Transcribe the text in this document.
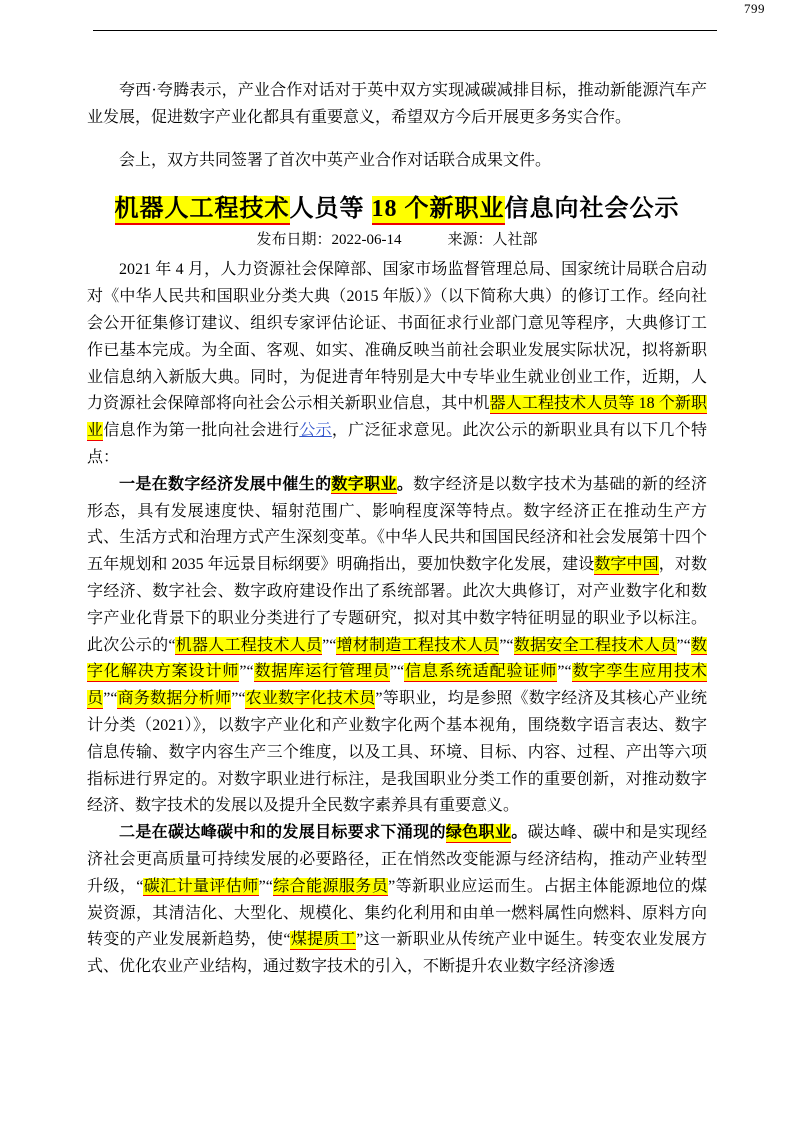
799

夸西·夸腾表示，产业合作对话对于英中双方实现减碳减排目标，推动新能源汽车产业发展，促进数字产业化都具有重要意义，希望双方今后开展更多务实合作。

会上，双方共同签署了首次中英产业合作对话联合成果文件。

机器人工程技术人员等 18 个新职业信息向社会公示
发布日期：2022-06-14	来源：人社部

2021 年 4 月，人力资源社会保障部、国家市场监督管理总局、国家统计局联合启动对《中华人民共和国职业分类大典（2015 年版）》（以下简称大典）的修订工作。经向社会公开征集修订建议、组织专家评估论证、书面征求行业部门意见等程序，大典修订工作已基本完成。为全面、客观、如实、准确反映当前社会职业发展实际状况，拟将新职业信息纳入新版大典。同时，为促进青年特别是大中专毕业生就业创业工作，近期，人力资源社会保障部将向社会公示相关新职业信息，其中机器人工程技术人员等 18 个新职业信息作为第一批向社会进行公示，广泛征求意见。此次公示的新职业具有以下几个特点：

一是在数字经济发展中催生的数字职业。数字经济是以数字技术为基础的新的经济形态，具有发展速度快、辐射范围广、影响程度深等特点。数字经济正在推动生产方式、生活方式和治理方式产生深刻变革。《中华人民共和国国民经济和社会发展第十四个五年规划和 2035 年远景目标纲要》明确指出，要加快数字化发展，建设数字中国，对数字经济、数字社会、数字政府建设作出了系统部署。此次大典修订，对产业数字化和数字产业化背景下的职业分类进行了专题研究，拟对其中数字特征明显的职业予以标注。此次公示的“机器人工程技术人员”“增材制造工程技术人员”“数据安全工程技术人员”“数字化解决方案设计师”“数据库运行管理员”“信息系统适配验证师”“数字孪生应用技术员”“商务数据分析师”“农业数字化技术员”等职业，均是参照《数字经济及其核心产业统计分类（2021）》，以数字产业化和产业数字化两个基本视角，围绕数字语言表达、数字信息传输、数字内容生产三个维度，以及工具、环境、目标、内容、过程、产出等六项指标进行界定的。对数字职业进行标注，是我国职业分类工作的重要创新，对推动数字经济、数字技术的发展以及提升全民数字素养具有重要意义。

二是在碳达峰碳中和的发展目标要求下涌现的绿色职业。碳达峰、碳中和是实现经济社会更高质量可持续发展的必要路径，正在悄然改变能源与经济结构，推动产业转型升级，“碳汇计量评估师”“综合能源服务员”等新职业应运而生。占据主体能源地位的煤炭资源，其清洁化、大型化、规模化、集约化利用和由单一燃料属性向燃料、原料方向转变的产业发展新趋势，使“煤提质工”这一新职业从传统产业中诞生。转变农业发展方式、优化农业产业结构，通过数字技术的引入，不断提升农业数字经济渗透
